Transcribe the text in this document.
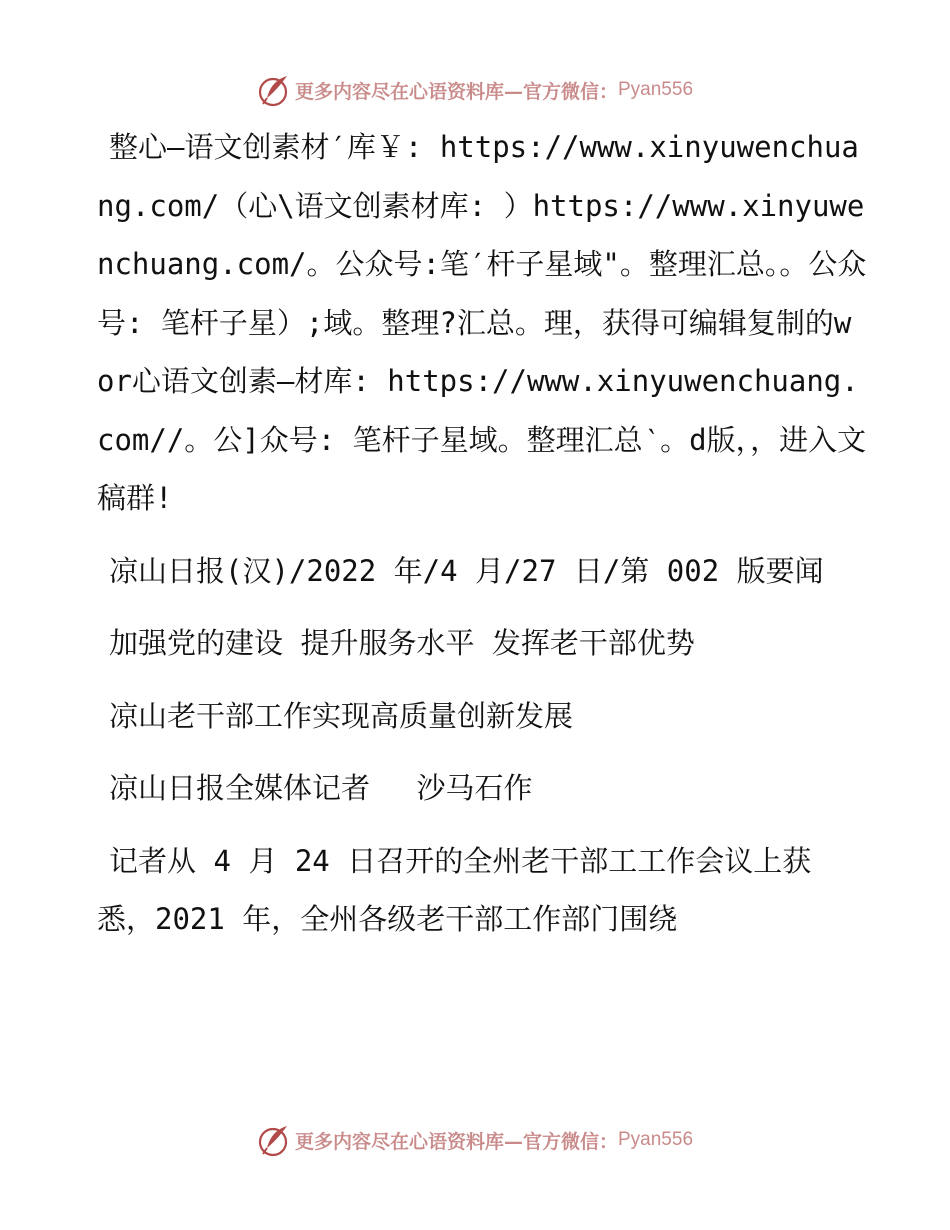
更多内容尽在心语资料库—官方微信： Pyan556

整心—语文创素材′库￥: https://www.xinyuwenchuang.com/（心\语文创素材库: ）https://www.xinyuwenchuang.com/。公众号:笔′杆子星域"。整理汇总。。公众号: 笔杆子星）;域。整理?汇总。理，获得可编辑复制的w or心语文创素—材库: https://www.xinyuwenchuang.com//。公]众号: 笔杆子星域。整理汇总‵。d版，，进入文稿群!

凉山日报(汉)/2022 年/4 月/27 日/第 002 版要闻

加强党的建设 提升服务水平 发挥老干部优势

凉山老干部工作实现高质量创新发展

凉山日报全媒体记者　 沙马石作

记者从 4 月 24 日召开的全州老干部工工作会议上获悉，2021 年，全州各级老干部工作部门围绕

更多内容尽在心语资料库—官方微信： Pyan556
